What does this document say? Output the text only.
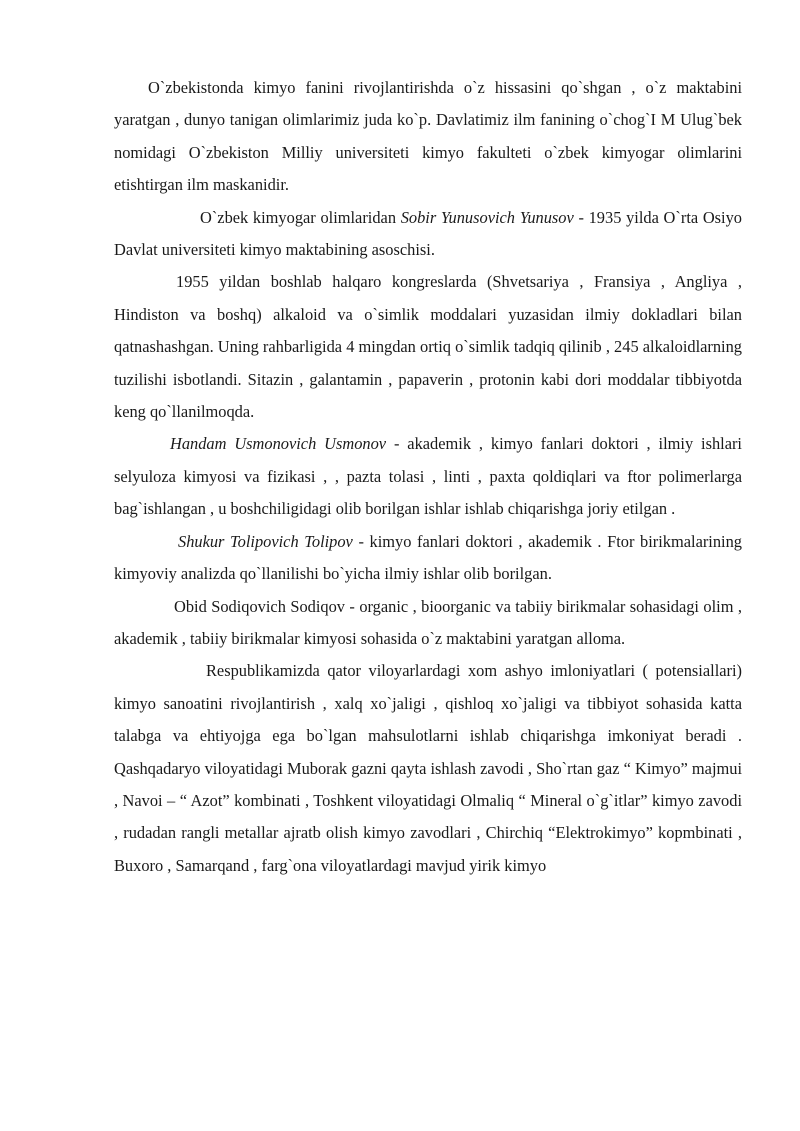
O`zbekistonda kimyo fanini rivojlantirishda o`z hissasini qo`shgan , o`z maktabini yaratgan , dunyo tanigan olimlarimiz juda ko`p. Davlatimiz ilm fanining o`chog`I M Ulug`bek nomidagi O`zbekiston Milliy universiteti kimyo fakulteti o`zbek kimyogar olimlarini etishtirgan ilm maskanidir.

O`zbek kimyogar olimlaridan Sobir Yunusovich Yunusov - 1935 yilda O`rta Osiyo Davlat universiteti kimyo maktabining asoschisi.

1955 yildan boshlab halqaro kongreslarda (Shvetsariya , Fransiya , Angliya , Hindiston va boshq) alkaloid va o`simlik moddalari yuzasidan ilmiy dokladlari bilan qatnashashgan. Uning rahbarligida 4 mingdan ortiq o`simlik tadqiq qilinib , 245 alkaloidlarning tuzilishi isbotlandi. Sitazin , galantamin , papaverin , protonin kabi dori moddalar tibbiyotda keng qo`llanilmoqda.

Handam Usmonovich Usmonov - akademik , kimyo fanlari doktori , ilmiy ishlari selyuloza kimyosi va fizikasi , , pazta tolasi , linti , paxta qoldiqlari va ftor polimerlarga bag`ishlangan , u boshchiligidagi olib borilgan ishlar ishlab chiqarishga joriy etilgan .

Shukur Tolipovich Tolipov - kimyo fanlari doktori , akademik . Ftor birikmalarining kimyoviy analizda qo`llanilishi bo`yicha ilmiy ishlar olib borilgan.

Obid Sodiqovich Sodiqov - organic , bioorganic va tabiiy birikmalar sohasidagi olim , akademik , tabiiy birikmalar kimyosi sohasida o`z maktabini yaratgan alloma.

Respublikamizda qator viloyarlardagi xom ashyo imloniyatlari ( potensiallari) kimyo sanoatini rivojlantirish , xalq xo`jaligi , qishloq xo`jaligi va tibbiyot sohasida katta talabga va ehtiyojga ega bo`lgan mahsulotlarni ishlab chiqarishga imkoniyat beradi . Qashqadaryo viloyatidagi Muborak gazni qayta ishlash zavodi , Sho`rtan gaz “ Kimyo” majmui , Navoi – “ Azot” kombinati , Toshkent viloyatidagi Olmaliq “ Mineral o`g`itlar” kimyo zavodi , rudadan rangli metallar ajratb olish kimyo zavodlari , Chirchiq “Elektrokimyo” kopmbinati , Buxoro , Samarqand , farg`ona viloyatlardagi mavjud yirik kimyo
